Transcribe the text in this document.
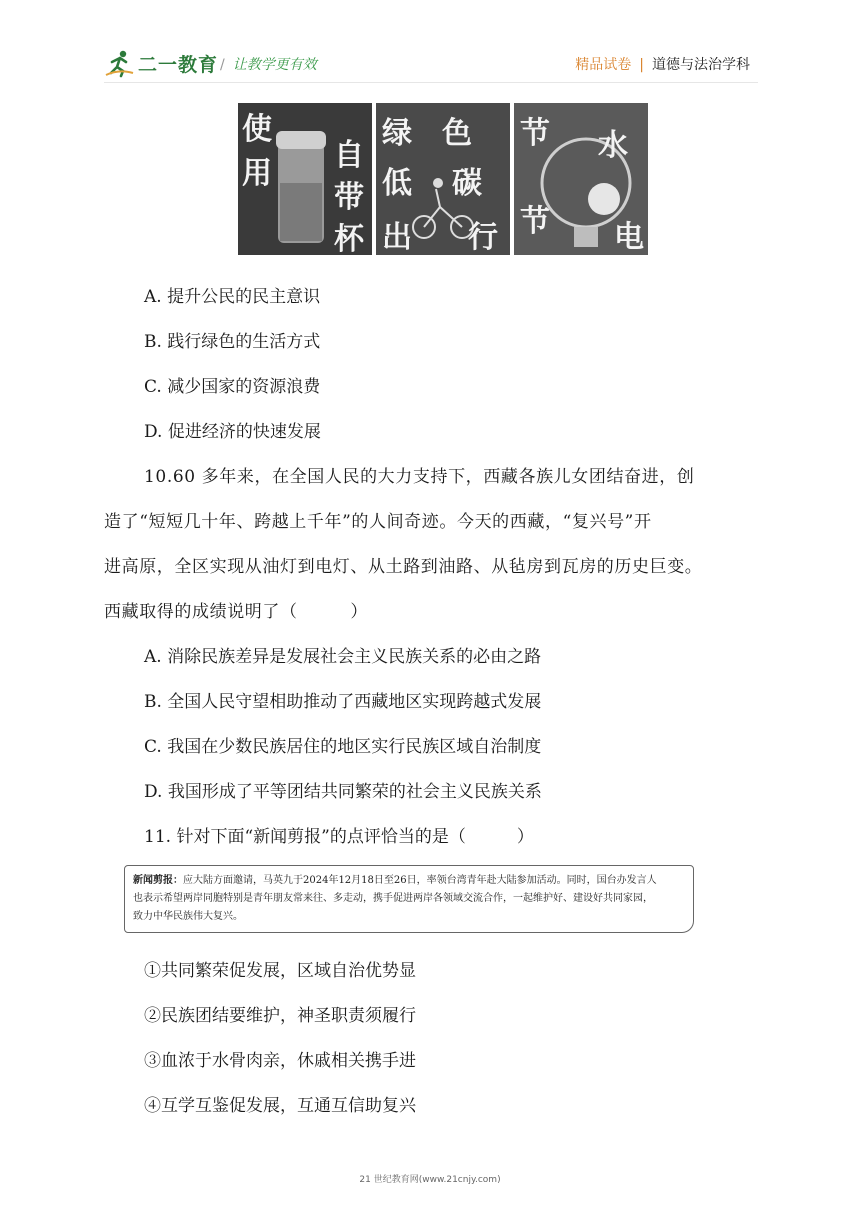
二一教育 / 让教学更有效	精品试卷 | 道德与法治学科
使
用
自
带
杯
绿 色
低 碳
出 行
节 水
节 电
A. 提升公民的民主意识
B. 践行绿色的生活方式
C. 减少国家的资源浪费
D. 促进经济的快速发展
10.60 多年来，在全国人民的大力支持下，西藏各族儿女团结奋进，创
造了“短短几十年、跨越上千年”的人间奇迹。今天的西藏，“复兴号”开
进高原，全区实现从油灯到电灯、从土路到油路、从毡房到瓦房的历史巨变。
西藏取得的成绩说明了（　　　）
A. 消除民族差异是发展社会主义民族关系的必由之路
B. 全国人民守望相助推动了西藏地区实现跨越式发展
C. 我国在少数民族居住的地区实行民族区域自治制度
D. 我国形成了平等团结共同繁荣的社会主义民族关系
11. 针对下面“新闻剪报”的点评恰当的是（　　　）
新闻剪报：应大陆方面邀请，马英九于2024年12月18日至26日，率领台湾青年赴大陆参加活动。同时，国台办发言人
也表示希望两岸同胞特别是青年朋友常来往、多走动，携手促进两岸各领域交流合作，一起维护好、建设好共同家园，
致力中华民族伟大复兴。
①共同繁荣促发展，区域自治优势显
②民族团结要维护，神圣职责须履行
③血浓于水骨肉亲，休戚相关携手进
④互学互鉴促发展，互通互信助复兴
21 世纪教育网(www.21cnjy.com)
